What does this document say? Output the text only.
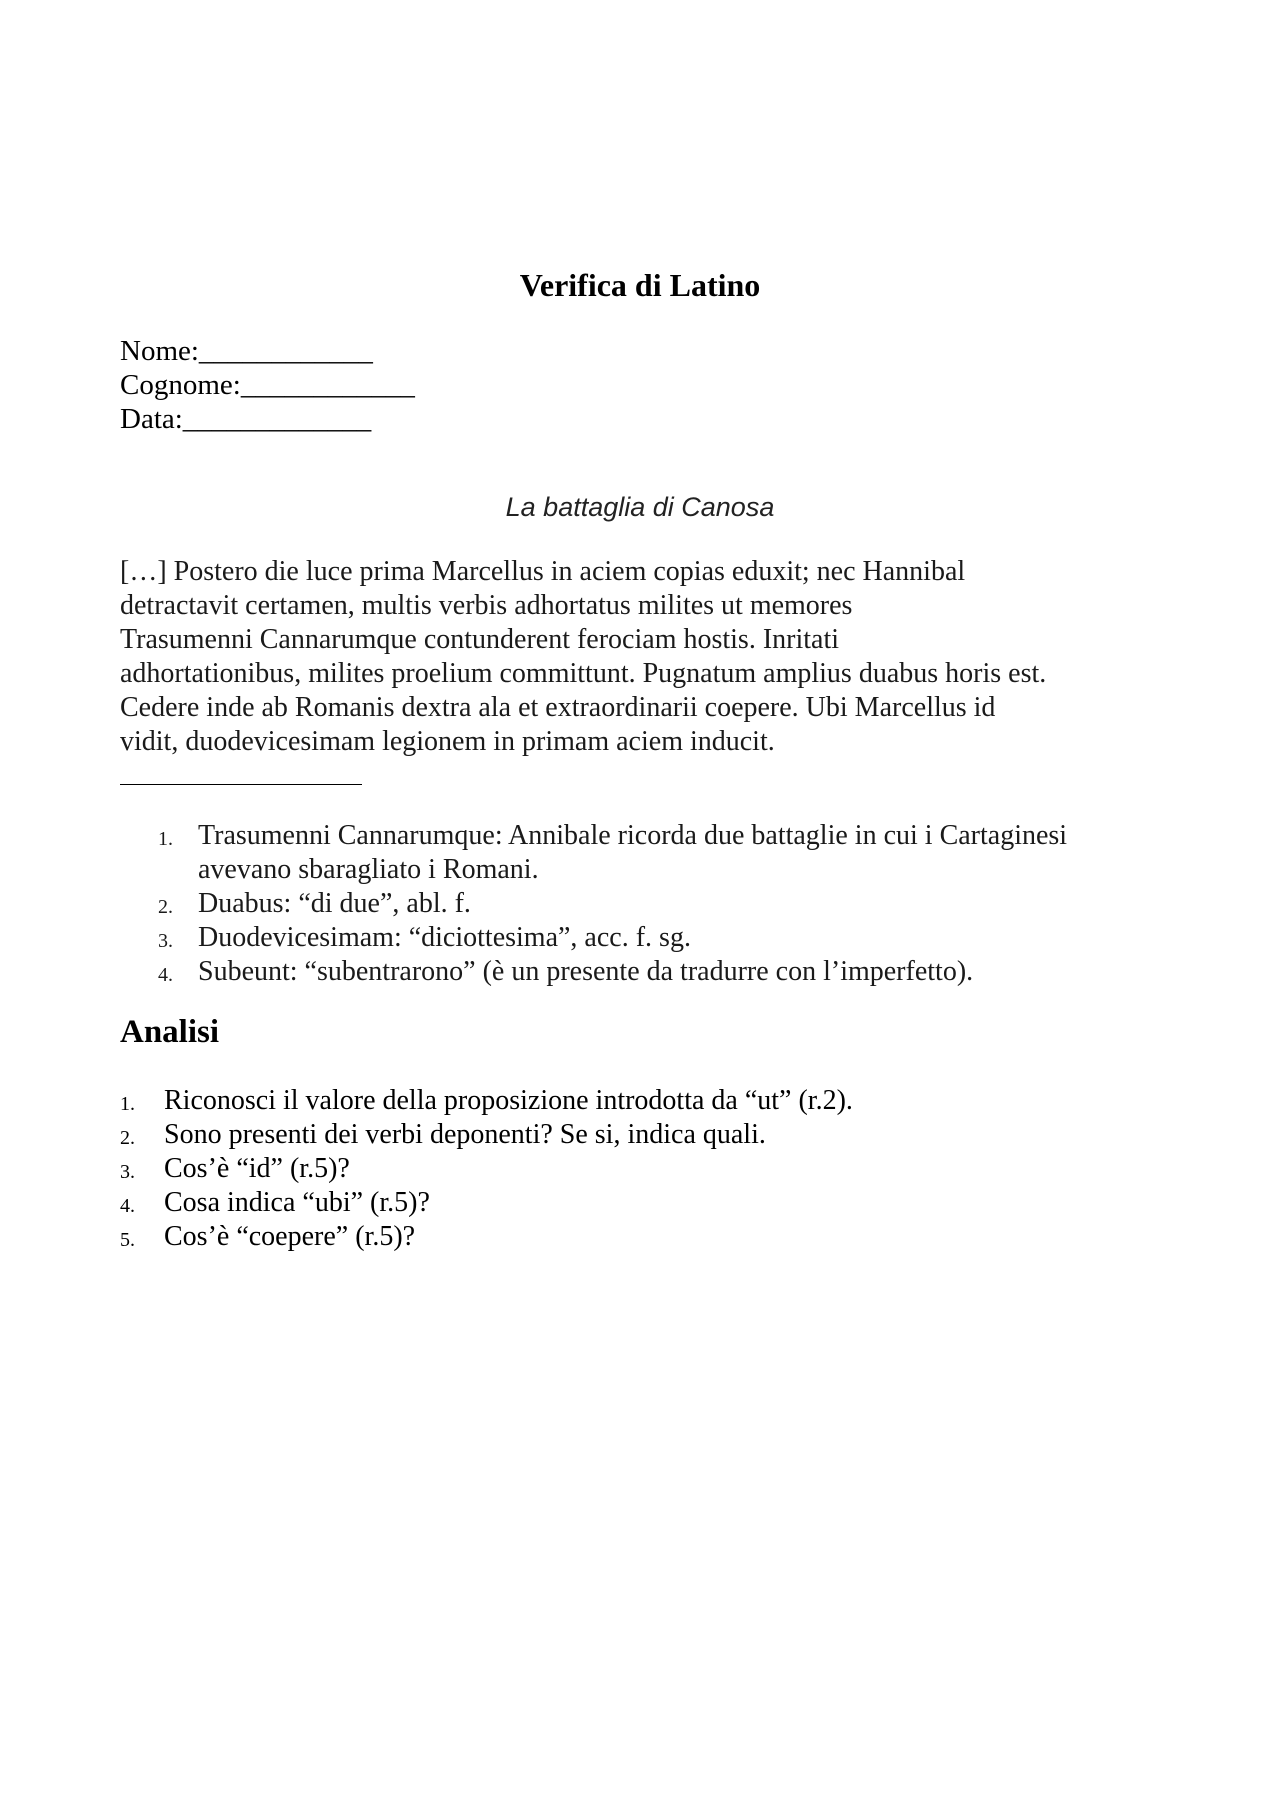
Verifica di Latino
Nome:____________
Cognome:____________
Data:_____________
La battaglia di Canosa
[…] Postero die luce prima Marcellus in aciem copias eduxit; nec Hannibal
detractavit certamen, multis verbis adhortatus milites ut memores
Trasumenni Cannarumque contunderent ferociam hostis. Inritati
adhortationibus, milites proelium committunt. Pugnatum amplius duabus horis est.
Cedere inde ab Romanis dextra ala et extraordinarii coepere. Ubi Marcellus id
vidit, duodevicesimam legionem in primam aciem inducit.
1. Trasumenni Cannarumque: Annibale ricorda due battaglie in cui i Cartaginesi
avevano sbaragliato i Romani.
2. Duabus: “di due”, abl. f.
3. Duodevicesimam: “diciottesima”, acc. f. sg.
4. Subeunt: “subentrarono” (è un presente da tradurre con l’imperfetto).
Analisi
1. Riconosci il valore della proposizione introdotta da “ut” (r.2).
2. Sono presenti dei verbi deponenti? Se si, indica quali.
3. Cos’è “id” (r.5)?
4. Cosa indica “ubi” (r.5)?
5. Cos’è “coepere” (r.5)?
